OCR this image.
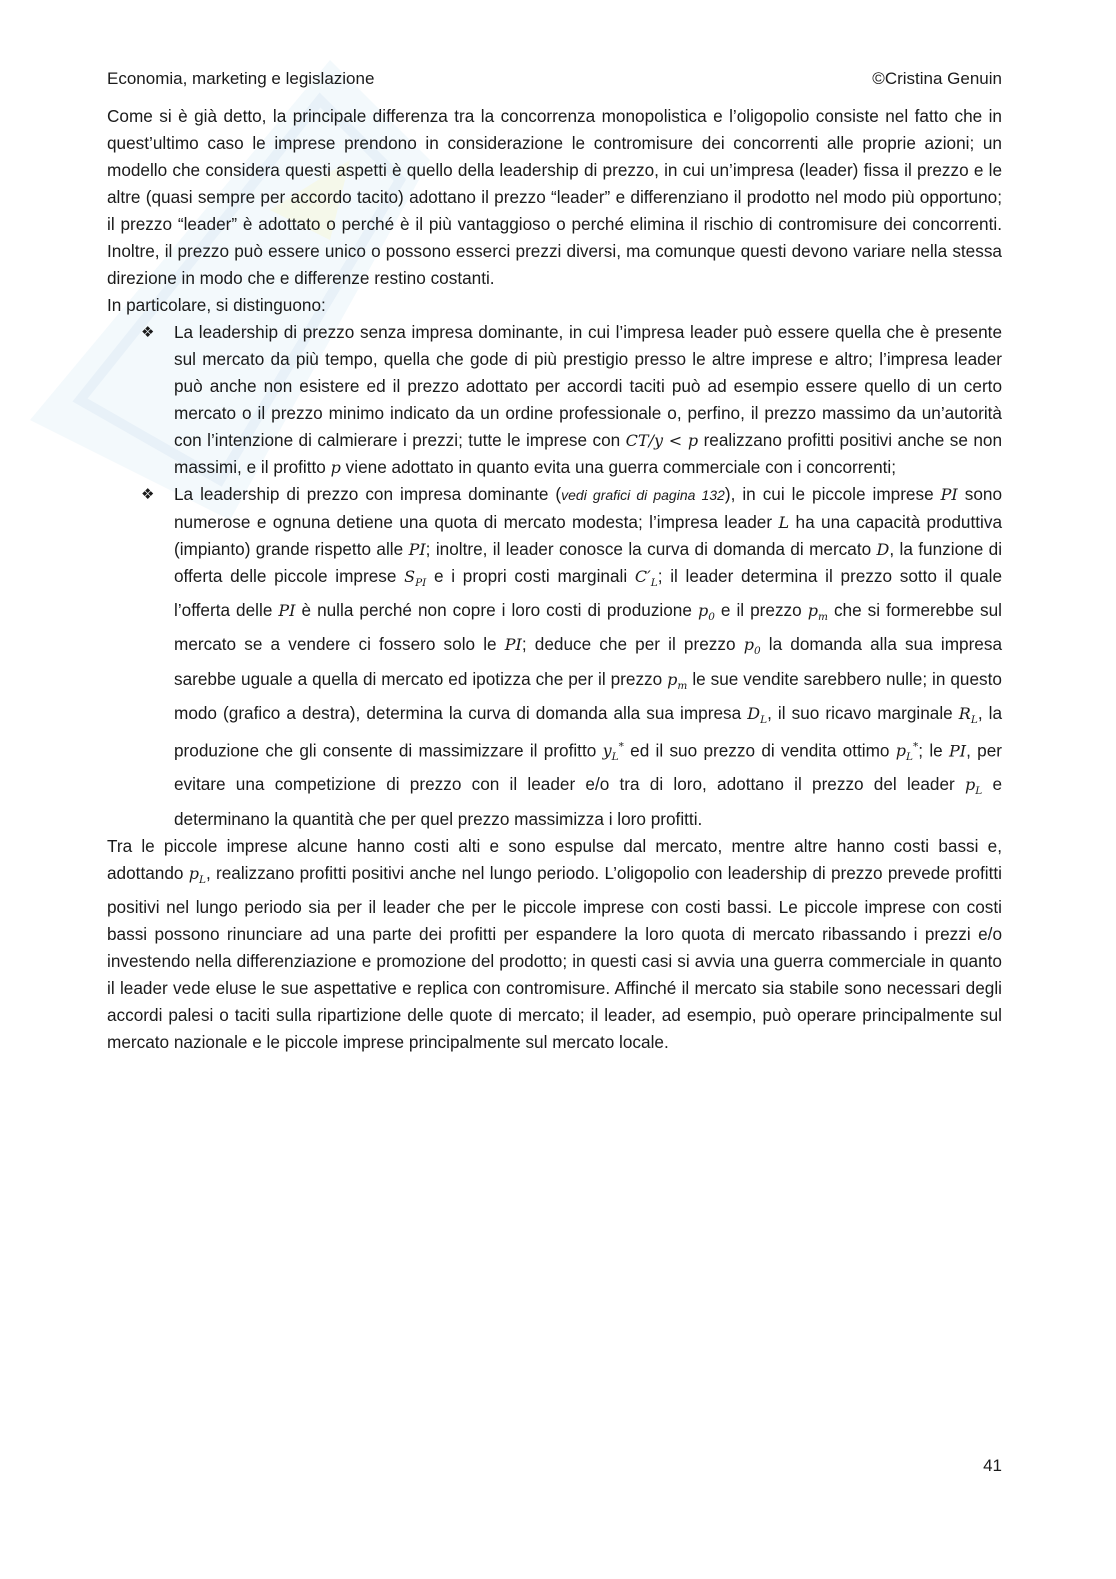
Economia, marketing e legislazione	©Cristina Genuin

Come si è già detto, la principale differenza tra la concorrenza monopolistica e l’oligopolio consiste nel fatto che in quest’ultimo caso le imprese prendono in considerazione le contromisure dei concorrenti alle proprie azioni; un modello che considera questi aspetti è quello della leadership di prezzo, in cui un’impresa (leader) fissa il prezzo e le altre (quasi sempre per accordo tacito) adottano il prezzo “leader” e differenziano il prodotto nel modo più opportuno; il prezzo “leader” è adottato o perché è il più vantaggioso o perché elimina il rischio di contromisure dei concorrenti. Inoltre, il prezzo può essere unico o possono esserci prezzi diversi, ma comunque questi devono variare nella stessa direzione in modo che e differenze restino costanti.

In particolare, si distinguono:

❖ La leadership di prezzo senza impresa dominante, in cui l’impresa leader può essere quella che è presente sul mercato da più tempo, quella che gode di più prestigio presso le altre imprese e altro; l’impresa leader può anche non esistere ed il prezzo adottato per accordi taciti può ad esempio essere quello di un certo mercato o il prezzo minimo indicato da un ordine professionale o, perfino, il prezzo massimo da un’autorità con l’intenzione di calmierare i prezzi; tutte le imprese con CT/y < p realizzano profitti positivi anche se non massimi, e il profitto p viene adottato in quanto evita una guerra commerciale con i concorrenti;
❖ La leadership di prezzo con impresa dominante (vedi grafici di pagina 132), in cui le piccole imprese PI sono numerose e ognuna detiene una quota di mercato modesta; l’impresa leader L ha una capacità produttiva (impianto) grande rispetto alle PI; inoltre, il leader conosce la curva di domanda di mercato D, la funzione di offerta delle piccole imprese $S_{PI}$ e i propri costi marginali $C'_L$; il leader determina il prezzo sotto il quale l’offerta delle PI è nulla perché non copre i loro costi di produzione $p_0$ e il prezzo $p_m$ che si formerebbe sul mercato se a vendere ci fossero solo le PI; deduce che per il prezzo $p_0$ la domanda alla sua impresa sarebbe uguale a quella di mercato ed ipotizza che per il prezzo $p_m$ le sue vendite sarebbero nulle; in questo modo (grafico a destra), determina la curva di domanda alla sua impresa $D_L$, il suo ricavo marginale $R_L$, la produzione che gli consente di massimizzare il profitto $y_L^*$ ed il suo prezzo di vendita ottimo $p_L^*$; le PI, per evitare una competizione di prezzo con il leader e/o tra di loro, adottano il prezzo del leader $p_L$ e determinano la quantità che per quel prezzo massimizza i loro profitti.

Tra le piccole imprese alcune hanno costi alti e sono espulse dal mercato, mentre altre hanno costi bassi e, adottando $p_L$, realizzano profitti positivi anche nel lungo periodo. L’oligopolio con leadership di prezzo prevede profitti positivi nel lungo periodo sia per il leader che per le piccole imprese con costi bassi. Le piccole imprese con costi bassi possono rinunciare ad una parte dei profitti per espandere la loro quota di mercato ribassando i prezzi e/o investendo nella differenziazione e promozione del prodotto; in questi casi si avvia una guerra commerciale in quanto il leader vede eluse le sue aspettative e replica con contromisure. Affinché il mercato sia stabile sono necessari degli accordi palesi o taciti sulla ripartizione delle quote di mercato; il leader, ad esempio, può operare principalmente sul mercato nazionale e le piccole imprese principalmente sul mercato locale.

41
